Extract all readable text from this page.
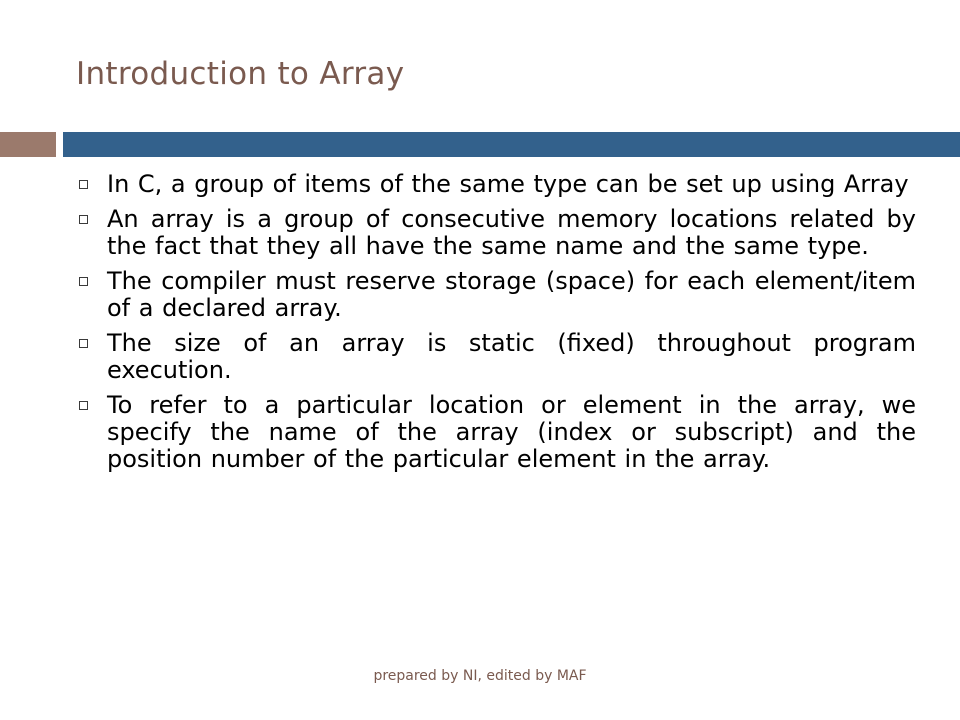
Introduction to Array
In C, a group of items of the same type can be set up using Array
An array is a group of consecutive memory locations related by the fact that they all have the same name and the same type.
The compiler must reserve storage (space) for each element/item of a declared array.
The size of an array is static (fixed) throughout program execution.
To refer to a particular location or element in the array, we specify the name of the array (index or subscript) and the position number of the particular element in the array.

prepared by NI, edited by MAF
